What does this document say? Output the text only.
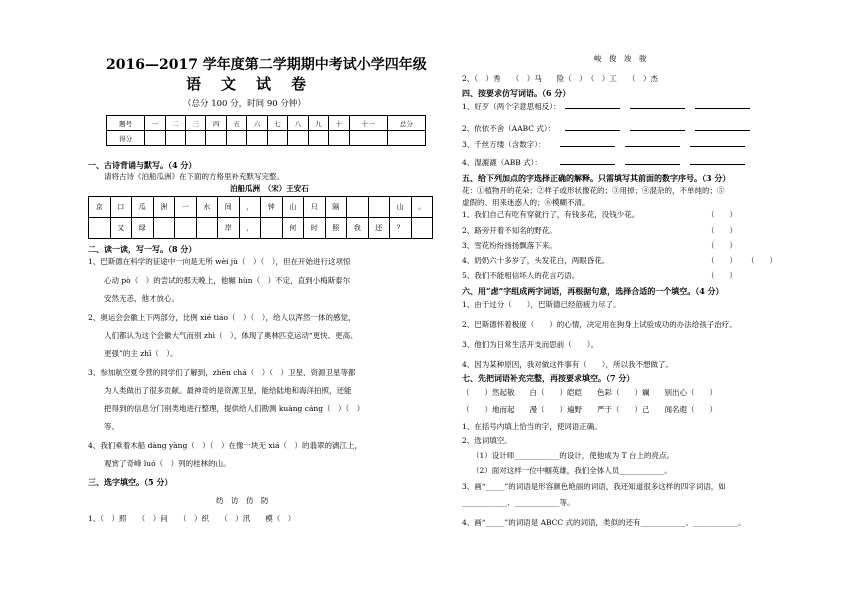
2016—2017 学年度第二学期期中考试小学四年级
语文试卷
（总分 100 分，时间 90 分钟）
题号	一	二	三	四	五	六	七	八	九	十	十一	总分
得分												
一、古诗背诵与默写。（4 分）
请将古诗《泊船瓜洲》在下面的方格里补充默写完整。
泊船瓜洲　（宋）王安石
京	口	瓜	洲	一	水	间	，	钟	山	只	隔			山	。
	又	绿				岸	，		何	时	照	我	还	？	
二、读一读，写一写。（8 分）
1、巴斯德在科学的征途中一向是无所 wèi jù（　）（　），但在开始进行这项惊
心动 pò（　）的尝试的那天晚上，他辗 hùn（　）不定，直到小梅斯泰尔
安然无恙，他才放心。
2、奥运会会徽上下两部分，比例 xié tiáo（　）（　），给人以浑然一体的感觉，
人们都认为这个会徽大气而别 zhì（　），体现了奥林匹克运动“更快、更高、
更强”的主 zhǐ（　）。
3、参加航空夏令营的同学们了解到，zhēn chá（　）（　）卫星、资源卫星等都
为人类做出了很多贡献。最神奇的是资源卫星，能给陆地和海洋拍照，还能
把得到的信息分门别类地进行整理，提供给人们勘测 kuàng cáng（　）（　）
等。
4、我们乘着木船 dàng yàng（　）（　）在像一块无 xiá（　）的翡翠的漓江上，
观赏了奇峰 luó（　）列的桂林的山。
三、选字填空。（5 分）
纺　访　仿　防
1、（　）照　　（　）问　　（　）织　　（　）汛　　模（　）
峻　俊　竣　骏
2、（　）秀　　（　）马　　险（　）　（　）工　　（　）杰
四、按要求仿写词语。（6 分）
1、好歹（两个字意思相反）：
2、依依不舍（AABC 式）：
3、千丝万缕（含数字）：
4、湿漉漉（ABB 式）：
五、给下列加点的字选择正确的解释。只需填写其前面的数字序号。（3 分）
花：①植物开的花朵；②样子或形状像花的；③用掉；④混杂的，不单纯的；⑤
虚假的、用来迷惑人的；⑥模糊不清。
1、我们自己有吃有穿就行了，有钱多花，没钱少花。	（　　）
2、路旁开着不知名的野花。	（　　）
3、雪花纷纷扬扬飘落下来。	（　　）
4、奶奶六十多岁了，头发花白，两眼昏花。	（　　） （　　）
5、我们不能相信坏人的花言巧语。	（　　）
六、用“虑”字组成两字词语，再根据句意，选择合适的一个填空。（4 分）
1、由于过分（　　），巴斯德已经筋疲力尽了。
2、巴斯德怀着极度（　　）的心情，决定用在狗身上试验成功的办法给孩子治疗。
3、他们为日常生活开支而思前（　　）。
4、因为某种原因，我对做这件事有（　　），所以我不想做了。
七、先把词语补充完整，再按要求填空。（7 分）
（　　）然起敬　　白（　　）皑皑　　色彩（　　）斓　　别出心（　　）
（　　）地而起　　漫（　　）遍野　　严于（　　）己　　闻名遐（　　）
1、在括号内填上恰当的字，使词语正确。
2、选词填空。
（1）设计师____________的设计，使他成为 T 台上的亮点。
（2）面对这样一位中帼英雄，我们全体人员____________。
3、画“_____”的词语是形容颜色艳丽的词语，我还知道很多这样的四字词语，如
____________、____________等。
4、画“_____”的词语是 ABCC 式的词语，类似的还有____________、____________。
